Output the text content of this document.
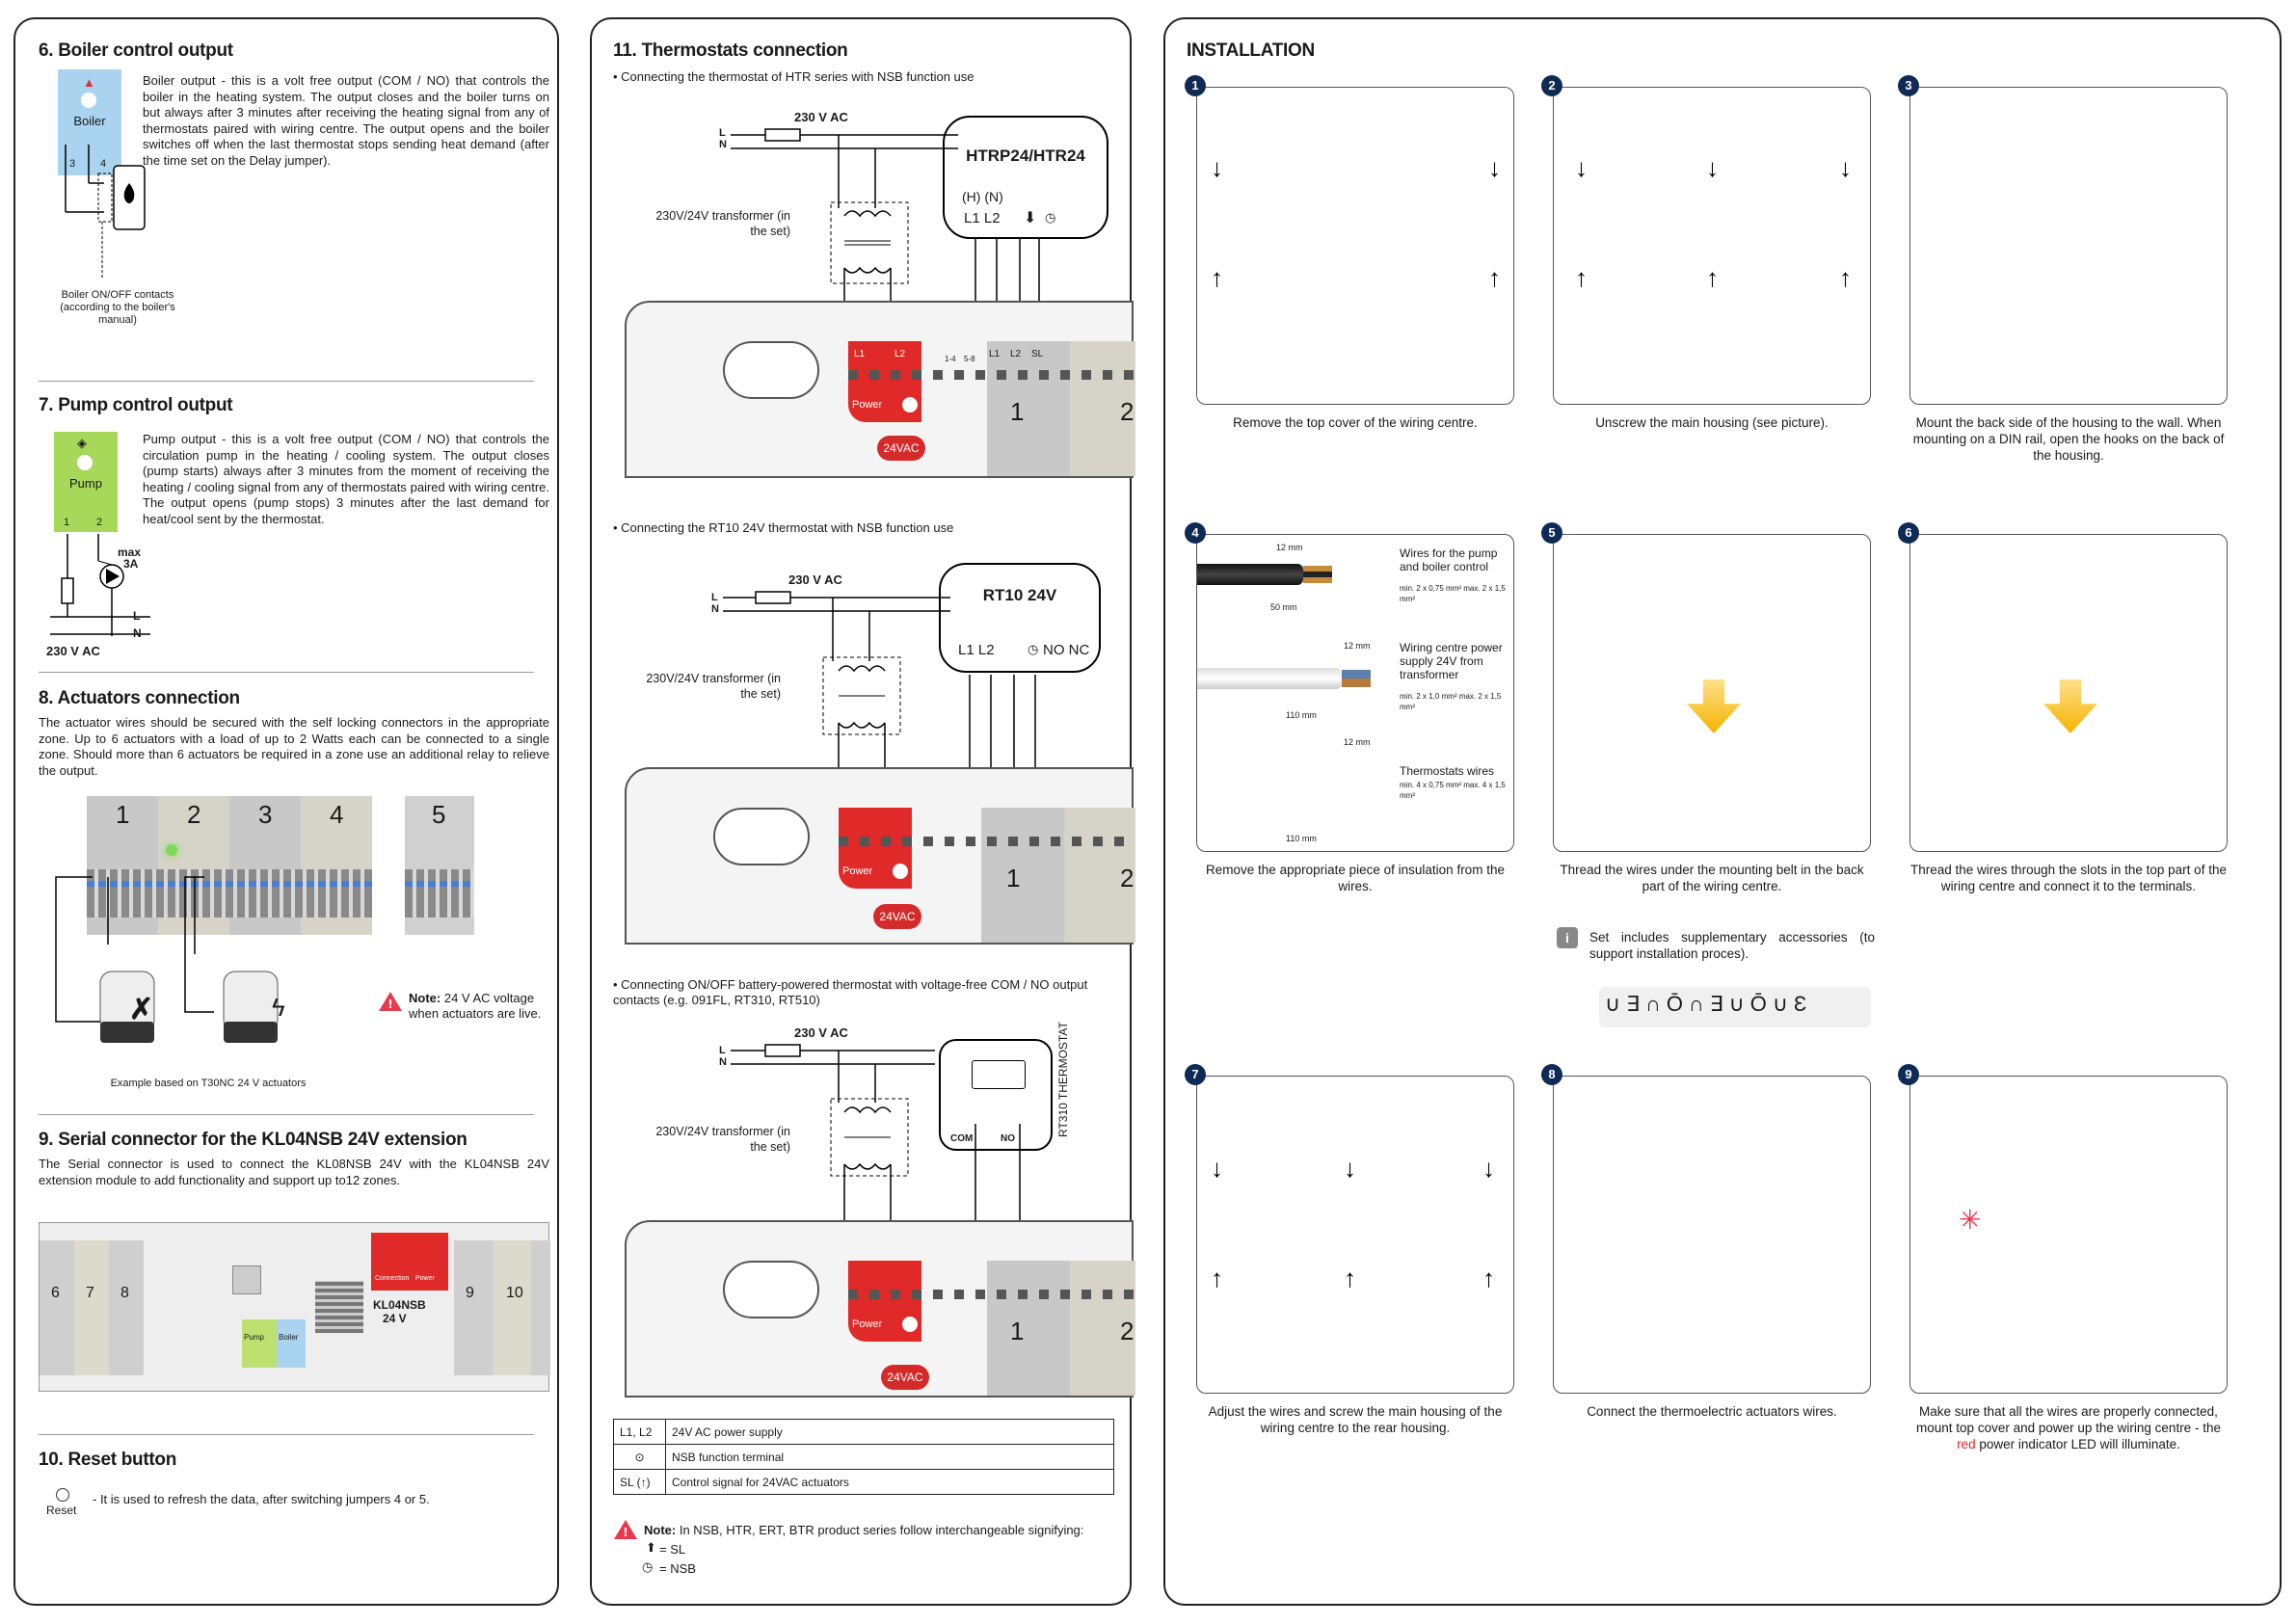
6. Boiler control output
▲
Boiler
3 4
Boiler output - this is a volt free output (COM / NO) that controls the boiler in the heating system. The output closes and the boiler turns on but always after 3 minutes after receiving the heating signal from any of thermostats paired with wiring centre. The output opens and the boiler switches off when the last thermostat stops sending heat demand (after the time set on the Delay jumper).
Boiler ON/OFF contacts (according to the boiler's manual)
7. Pump control output
◈
Pump
1	2
max
3A
L
N
230 V AC
Pump output - this is a volt free output (COM / NO) that controls the circulation pump in the heating / cooling system. The output closes (pump starts) always after 3 minutes from the moment of receiving the heating / cooling signal from any of thermostats paired with wiring centre. The output opens (pump stops) 3 minutes after the last demand for heat/cool sent by the thermostat.
8. Actuators connection
The actuator wires should be secured with the self locking connectors in the appropriate zone. Up to 6 actuators with a load of up to 2 Watts each can be connected to a single zone. Should more than 6 actuators be required in a zone use an additional relay to relieve the output.
1 2 3 4	5
✗	ϟ	! Note: 24 V AC voltage when actuators are live.
Example based on T30NC 24 V actuators
9. Serial connector for the KL04NSB 24V extension
The Serial connector is used to connect the KL08NSB 24V with the KL04NSB 24V extension module to add functionality and support up to12 zones.
6 7 8
Pump Boiler
Connection Power
KL04NSB
24 V
9 10
10. Reset button
Reset
- It is used to refresh the data, after switching jumpers 4 or 5.
11. Thermostats connection
• Connecting the thermostat of HTR series with NSB function use
230 V AC
L
N
230V/24V transformer (in the set)
HTRP24/HTR24
(H) (N)
L1 L2 ⬇ ◷
Power
24VAC
1	2
L1	L2	L1 L2 SL
1-4 5-8
• Connecting the RT10 24V thermostat with NSB function use
230 V AC
L
N
230V/24V transformer (in the set)
RT10 24V
L1 L2	◷ NO NC
Power
24VAC
1	2
• Connecting ON/OFF battery-powered thermostat with voltage-free COM / NO output contacts (e.g. 091FL, RT310, RT510)
230 V AC
L
N
230V/24V transformer (in the set)
COM	NO
RT310 THERMOSTAT
Power
24VAC
1	2
L1, L2	24V AC power supply
⊙	NSB function terminal
SL (↑)	Control signal for 24VAC actuators
! Note: In NSB, HTR, ERT, BTR product series follow interchangeable signifying:
⬆ = SL
◷ = NSB
INSTALLATION
↓	↓
↑	↑
1
Remove the top cover of the wiring centre.
↓	↓	↓
↑	↑	↑
2
Unscrew the main housing (see picture).
3
Mount the back side of the housing to the wall. When mounting on a DIN rail, open the hooks on the back of the housing.
12 mm
50 mm
Wires for the pump and boiler control
min. 2 x 0,75 mm² max. 2 x 1,5 mm²
12 mm
110 mm
Wiring centre power supply 24V from transformer
min. 2 x 1,0 mm² max. 2 x 1,5 mm²
12 mm
110 mm
Thermostats wires
min. 4 x 0,75 mm² max. 4 x 1,5 mm²
4
Remove the appropriate piece of insulation from the wires.
5
Thread the wires under the mounting belt in the back part of the wiring centre.
6
Thread the wires through the slots in the top part of the wiring centre and connect it to the terminals.
i	Set includes supplementary accessories (to support installation proces).
∪∃∩Ō∩∃∪Ō∪Ɛ
↓	↓	↓
↑	↑	↑
7
Adjust the wires and screw the main housing of the wiring centre to the rear housing.
8
Connect the thermoelectric actuators wires.
✳
9
Make sure that all the wires are properly connected, mount top cover and power up the wiring centre - the red power indicator LED will illuminate.
